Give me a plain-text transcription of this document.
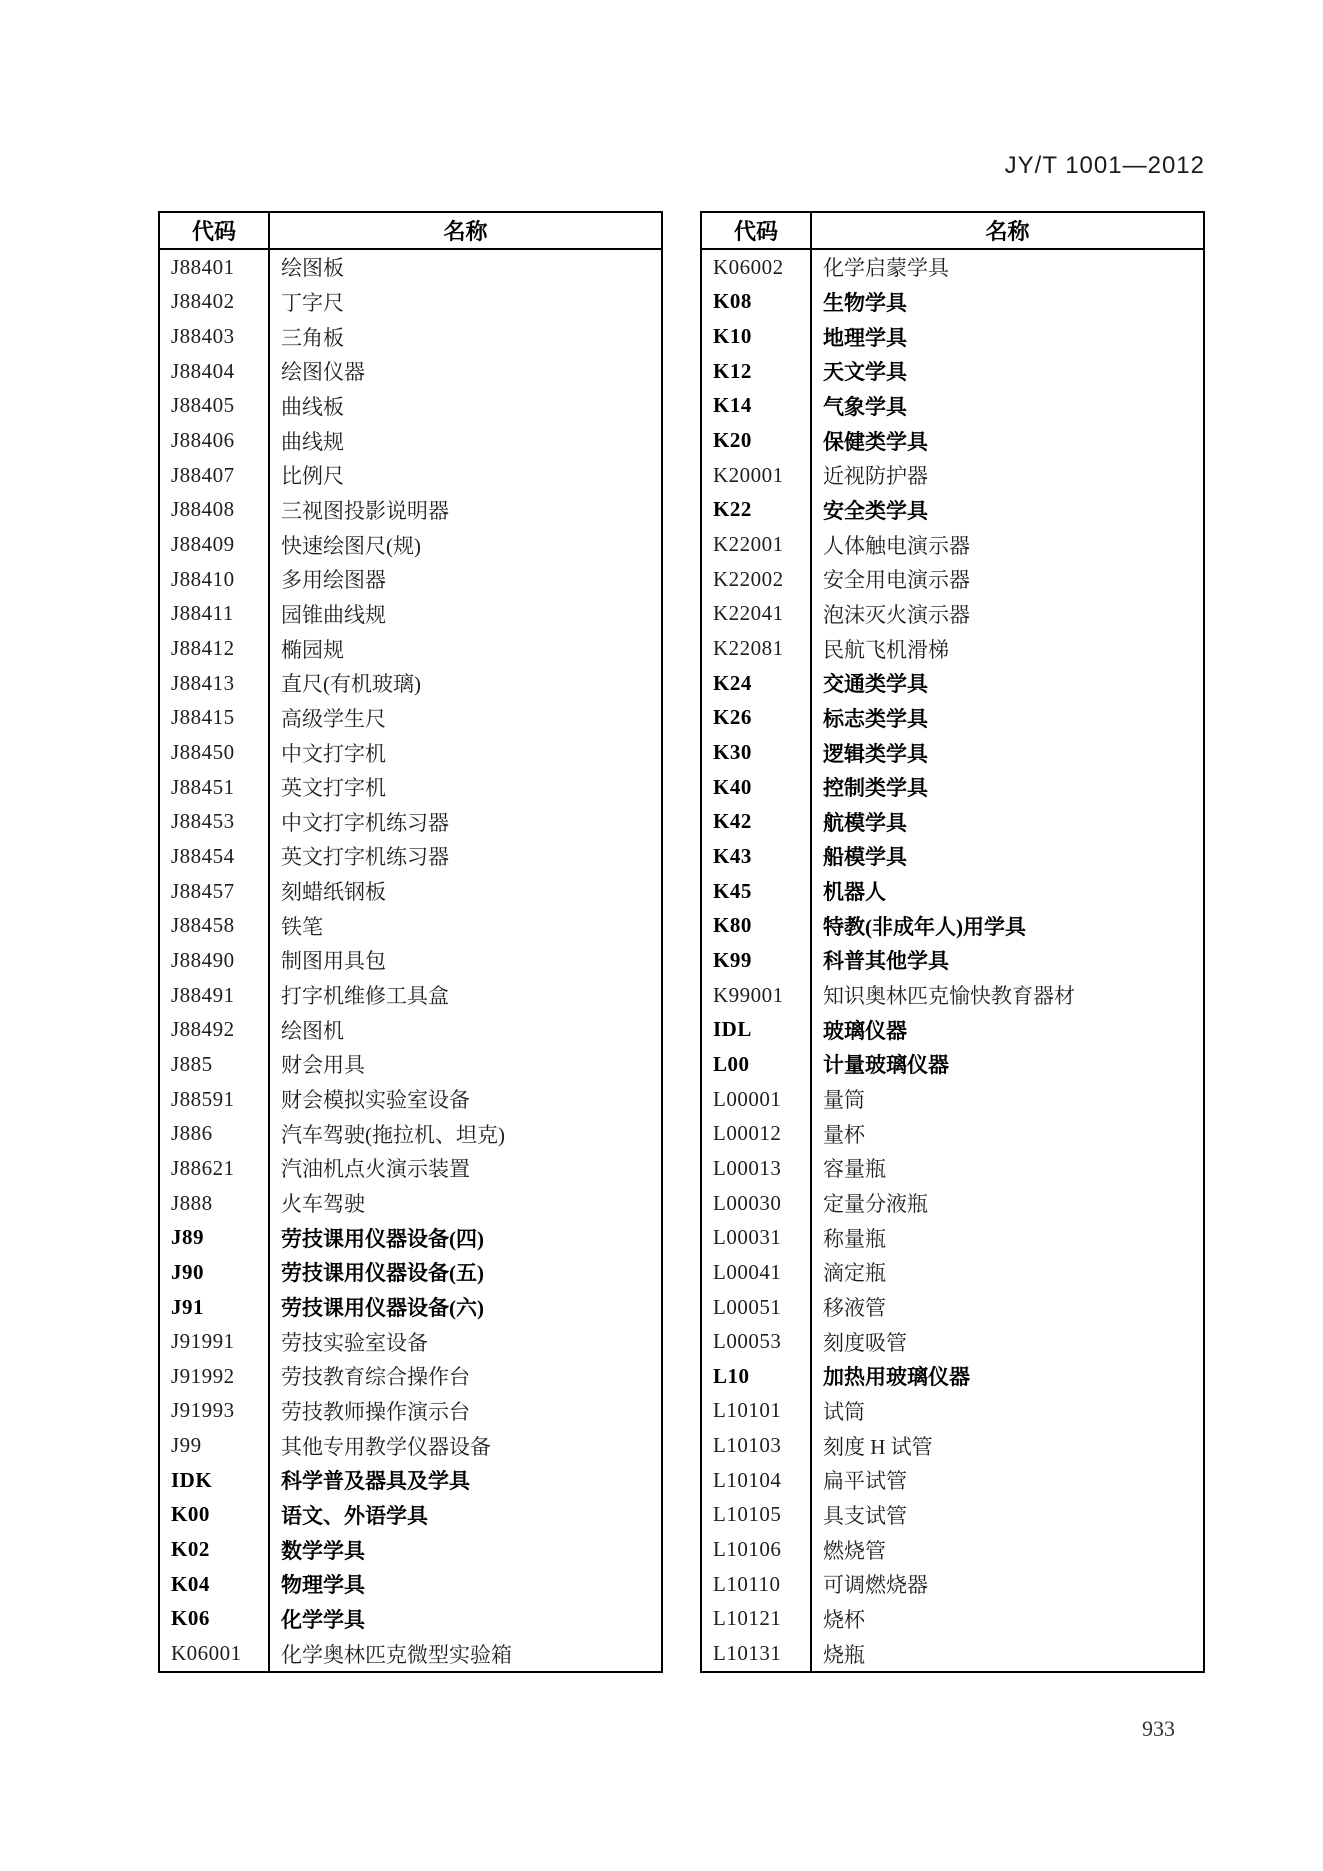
JY/T 1001—2012
代码	名称
J88401	绘图板
J88402	丁字尺
J88403	三角板
J88404	绘图仪器
J88405	曲线板
J88406	曲线规
J88407	比例尺
J88408	三视图投影说明器
J88409	快速绘图尺(规)
J88410	多用绘图器
J88411	园锥曲线规
J88412	椭园规
J88413	直尺(有机玻璃)
J88415	高级学生尺
J88450	中文打字机
J88451	英文打字机
J88453	中文打字机练习器
J88454	英文打字机练习器
J88457	刻蜡纸钢板
J88458	铁笔
J88490	制图用具包
J88491	打字机维修工具盒
J88492	绘图机
J885	财会用具
J88591	财会模拟实验室设备
J886	汽车驾驶(拖拉机、坦克)
J88621	汽油机点火演示装置
J888	火车驾驶
J89	劳技课用仪器设备(四)
J90	劳技课用仪器设备(五)
J91	劳技课用仪器设备(六)
J91991	劳技实验室设备
J91992	劳技教育综合操作台
J91993	劳技教师操作演示台
J99	其他专用教学仪器设备
IDK	科学普及器具及学具
K00	语文、外语学具
K02	数学学具
K04	物理学具
K06	化学学具
K06001	化学奥林匹克微型实验箱
代码	名称
K06002	化学启蒙学具
K08	生物学具
K10	地理学具
K12	天文学具
K14	气象学具
K20	保健类学具
K20001	近视防护器
K22	安全类学具
K22001	人体触电演示器
K22002	安全用电演示器
K22041	泡沫灭火演示器
K22081	民航飞机滑梯
K24	交通类学具
K26	标志类学具
K30	逻辑类学具
K40	控制类学具
K42	航模学具
K43	船模学具
K45	机器人
K80	特教(非成年人)用学具
K99	科普其他学具
K99001	知识奥林匹克愉快教育器材
IDL	玻璃仪器
L00	计量玻璃仪器
L00001	量筒
L00012	量杯
L00013	容量瓶
L00030	定量分液瓶
L00031	称量瓶
L00041	滴定瓶
L00051	移液管
L00053	刻度吸管
L10	加热用玻璃仪器
L10101	试筒
L10103	刻度 H 试管
L10104	扁平试管
L10105	具支试管
L10106	燃烧管
L10110	可调燃烧器
L10121	烧杯
L10131	烧瓶
933
